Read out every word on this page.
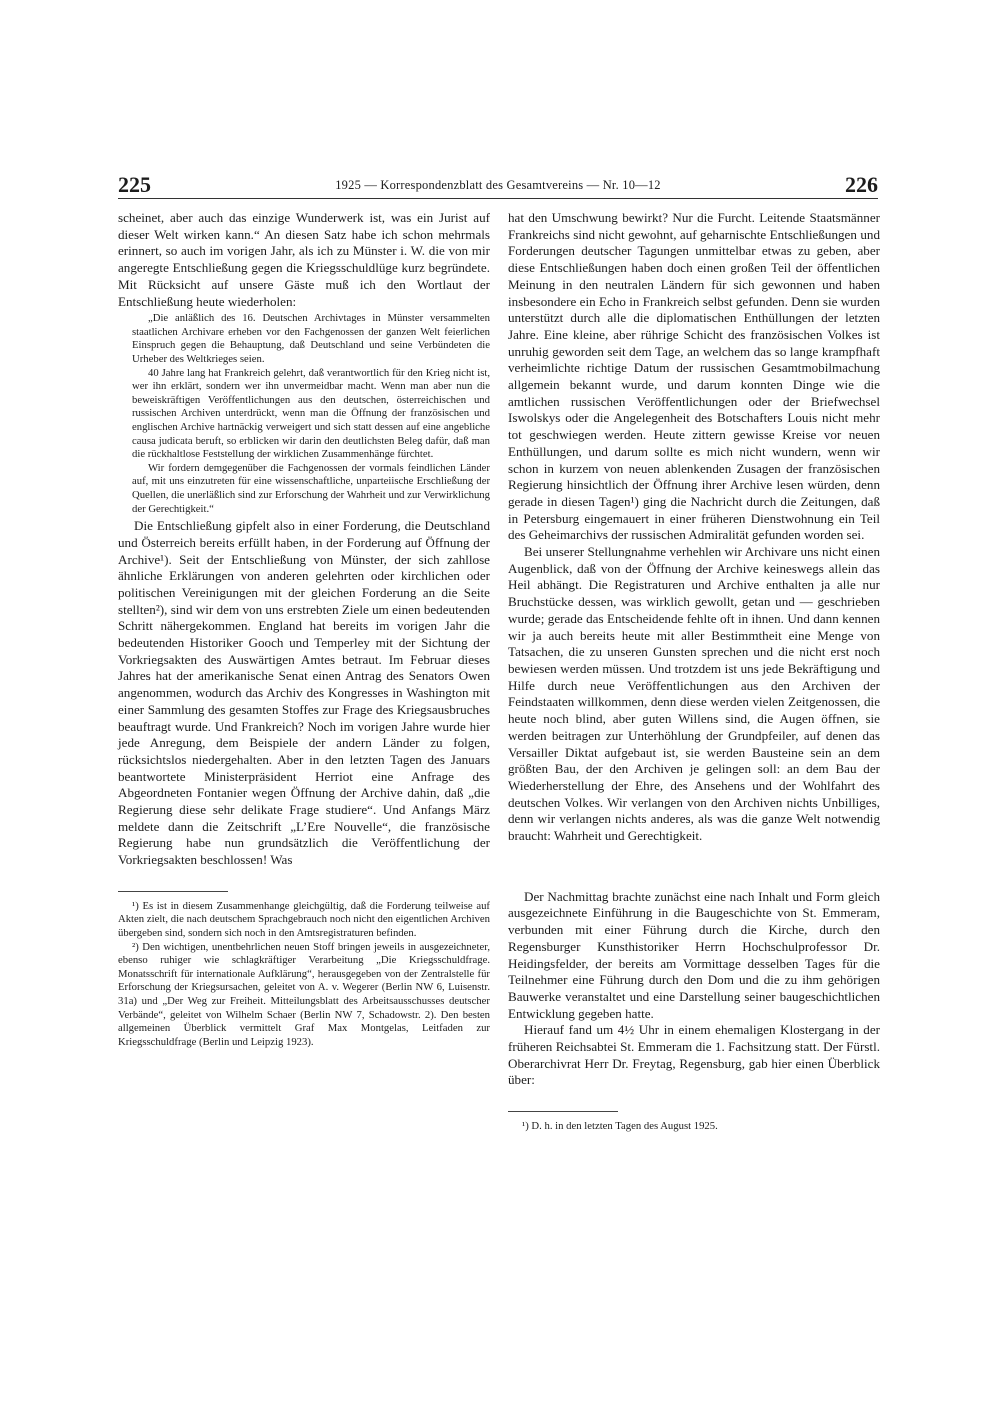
225	1925 — Korrespondenzblatt des Gesamtvereins — Nr. 10—12	226

scheinet, aber auch das einzige Wunderwerk ist, was ein Jurist auf dieser Welt wirken kann.“ An diesen Satz habe ich schon mehrmals erinnert, so auch im vorigen Jahr, als ich zu Münster i. W. die von mir angeregte Entschließung gegen die Kriegsschuldlüge kurz begründete. Mit Rücksicht auf unsere Gäste muß ich den Wortlaut der Entschließung heute wiederholen:

„Die anläßlich des 16. Deutschen Archivtages in Münster versammelten staatlichen Archivare erheben vor den Fachgenossen der ganzen Welt feierlichen Einspruch gegen die Behauptung, daß Deutschland und seine Verbündeten die Urheber des Weltkrieges seien.

40 Jahre lang hat Frankreich gelehrt, daß verantwortlich für den Krieg nicht ist, wer ihn erklärt, sondern wer ihn unvermeidbar macht. Wenn man aber nun die beweiskräftigen Veröffentlichungen aus den deutschen, österreichischen und russischen Archiven unterdrückt, wenn man die Öffnung der französischen und englischen Archive hartnäckig verweigert und sich statt dessen auf eine angebliche causa judicata beruft, so erblicken wir darin den deutlichsten Beleg dafür, daß man die rückhaltlose Feststellung der wirklichen Zusammenhänge fürchtet.

Wir fordern demgegenüber die Fachgenossen der vormals feindlichen Länder auf, mit uns einzutreten für eine wissenschaftliche, unparteiische Erschließung der Quellen, die unerläßlich sind zur Erforschung der Wahrheit und zur Verwirklichung der Gerechtigkeit.“

Die Entschließung gipfelt also in einer Forderung, die Deutschland und Österreich bereits erfüllt haben, in der Forderung auf Öffnung der Archive¹). Seit der Entschließung von Münster, der sich zahllose ähnliche Erklärungen von anderen gelehrten oder kirchlichen oder politischen Vereinigungen mit der gleichen Forderung an die Seite stellten²), sind wir dem von uns erstrebten Ziele um einen bedeutenden Schritt nähergekommen. England hat bereits im vorigen Jahr die bedeutenden Historiker Gooch und Temperley mit der Sichtung der Vorkriegsakten des Auswärtigen Amtes betraut. Im Februar dieses Jahres hat der amerikanische Senat einen Antrag des Senators Owen angenommen, wodurch das Archiv des Kongresses in Washington mit einer Sammlung des gesamten Stoffes zur Frage des Kriegsausbruches beauftragt wurde. Und Frankreich? Noch im vorigen Jahre wurde hier jede Anregung, dem Beispiele der andern Länder zu folgen, rücksichtslos niedergehalten. Aber in den letzten Tagen des Januars beantwortete Ministerpräsident Herriot eine Anfrage des Abgeordneten Fontanier wegen Öffnung der Archive dahin, daß „die Regierung diese sehr delikate Frage studiere“. Und Anfangs März meldete dann die Zeitschrift „L’Ere Nouvelle“, die französische Regierung habe nun grundsätzlich die Veröffentlichung der Vorkriegsakten beschlossen! Was

¹) Es ist in diesem Zusammenhange gleichgültig, daß die Forderung teilweise auf Akten zielt, die nach deutschem Sprachgebrauch noch nicht den eigentlichen Archiven übergeben sind, sondern sich noch in den Amtsregistraturen befinden.

²) Den wichtigen, unentbehrlichen neuen Stoff bringen jeweils in ausgezeichneter, ebenso ruhiger wie schlagkräftiger Verarbeitung „Die Kriegsschuldfrage. Monatsschrift für internationale Aufklärung“, herausgegeben von der Zentralstelle für Erforschung der Kriegsursachen, geleitet von A. v. Wegerer (Berlin NW 6, Luisenstr. 31a) und „Der Weg zur Freiheit. Mitteilungsblatt des Arbeitsausschusses deutscher Verbände“, geleitet von Wilhelm Schaer (Berlin NW 7, Schadowstr. 2). Den besten allgemeinen Überblick vermittelt Graf Max Montgelas, Leitfaden zur Kriegsschuldfrage (Berlin und Leipzig 1923).

hat den Umschwung bewirkt? Nur die Furcht. Leitende Staatsmänner Frankreichs sind nicht gewohnt, auf geharnischte Entschließungen und Forderungen deutscher Tagungen unmittelbar etwas zu geben, aber diese Entschließungen haben doch einen großen Teil der öffentlichen Meinung in den neutralen Ländern für sich gewonnen und haben insbesondere ein Echo in Frankreich selbst gefunden. Denn sie wurden unterstützt durch alle die diplomatischen Enthüllungen der letzten Jahre. Eine kleine, aber rührige Schicht des französischen Volkes ist unruhig geworden seit dem Tage, an welchem das so lange krampfhaft verheimlichte richtige Datum der russischen Gesamtmobilmachung allgemein bekannt wurde, und darum konnten Dinge wie die amtlichen russischen Veröffentlichungen oder der Briefwechsel Iswolskys oder die Angelegenheit des Botschafters Louis nicht mehr tot geschwiegen werden. Heute zittern gewisse Kreise vor neuen Enthüllungen, und darum sollte es mich nicht wundern, wenn wir schon in kurzem von neuen ablenkenden Zusagen der französischen Regierung hinsichtlich der Öffnung ihrer Archive lesen würden, denn gerade in diesen Tagen¹) ging die Nachricht durch die Zeitungen, daß in Petersburg eingemauert in einer früheren Dienstwohnung ein Teil des Geheimarchivs der russischen Admiralität gefunden worden sei.

Bei unserer Stellungnahme verhehlen wir Archivare uns nicht einen Augenblick, daß von der Öffnung der Archive keineswegs allein das Heil abhängt. Die Registraturen und Archive enthalten ja alle nur Bruchstücke dessen, was wirklich gewollt, getan und — geschrieben wurde; gerade das Entscheidende fehlte oft in ihnen. Und dann kennen wir ja auch bereits heute mit aller Bestimmtheit eine Menge von Tatsachen, die zu unseren Gunsten sprechen und die nicht erst noch bewiesen werden müssen. Und trotzdem ist uns jede Bekräftigung und Hilfe durch neue Veröffentlichungen aus den Archiven der Feindstaaten willkommen, denn diese werden vielen Zeitgenossen, die heute noch blind, aber guten Willens sind, die Augen öffnen, sie werden beitragen zur Unterhöhlung der Grundpfeiler, auf denen das Versailler Diktat aufgebaut ist, sie werden Bausteine sein an dem größten Bau, der den Archiven je gelingen soll: an dem Bau der Wiederherstellung der Ehre, des Ansehens und der Wohlfahrt des deutschen Volkes. Wir verlangen von den Archiven nichts Unbilliges, denn wir verlangen nichts anderes, als was die ganze Welt notwendig braucht: Wahrheit und Gerechtigkeit.

Der Nachmittag brachte zunächst eine nach Inhalt und Form gleich ausgezeichnete Einführung in die Baugeschichte von St. Emmeram, verbunden mit einer Führung durch die Kirche, durch den Regensburger Kunsthistoriker Herrn Hochschulprofessor Dr. Heidingsfelder, der bereits am Vormittage desselben Tages für die Teilnehmer eine Führung durch den Dom und die zu ihm gehörigen Bauwerke veranstaltet und eine Darstellung seiner baugeschichtlichen Entwicklung gegeben hatte.

Hierauf fand um 4½ Uhr in einem ehemaligen Klostergang in der früheren Reichsabtei St. Emmeram die 1. Fachsitzung statt. Der Fürstl. Oberarchivrat Herr Dr. Freytag, Regensburg, gab hier einen Überblick über:

¹) D. h. in den letzten Tagen des August 1925.
